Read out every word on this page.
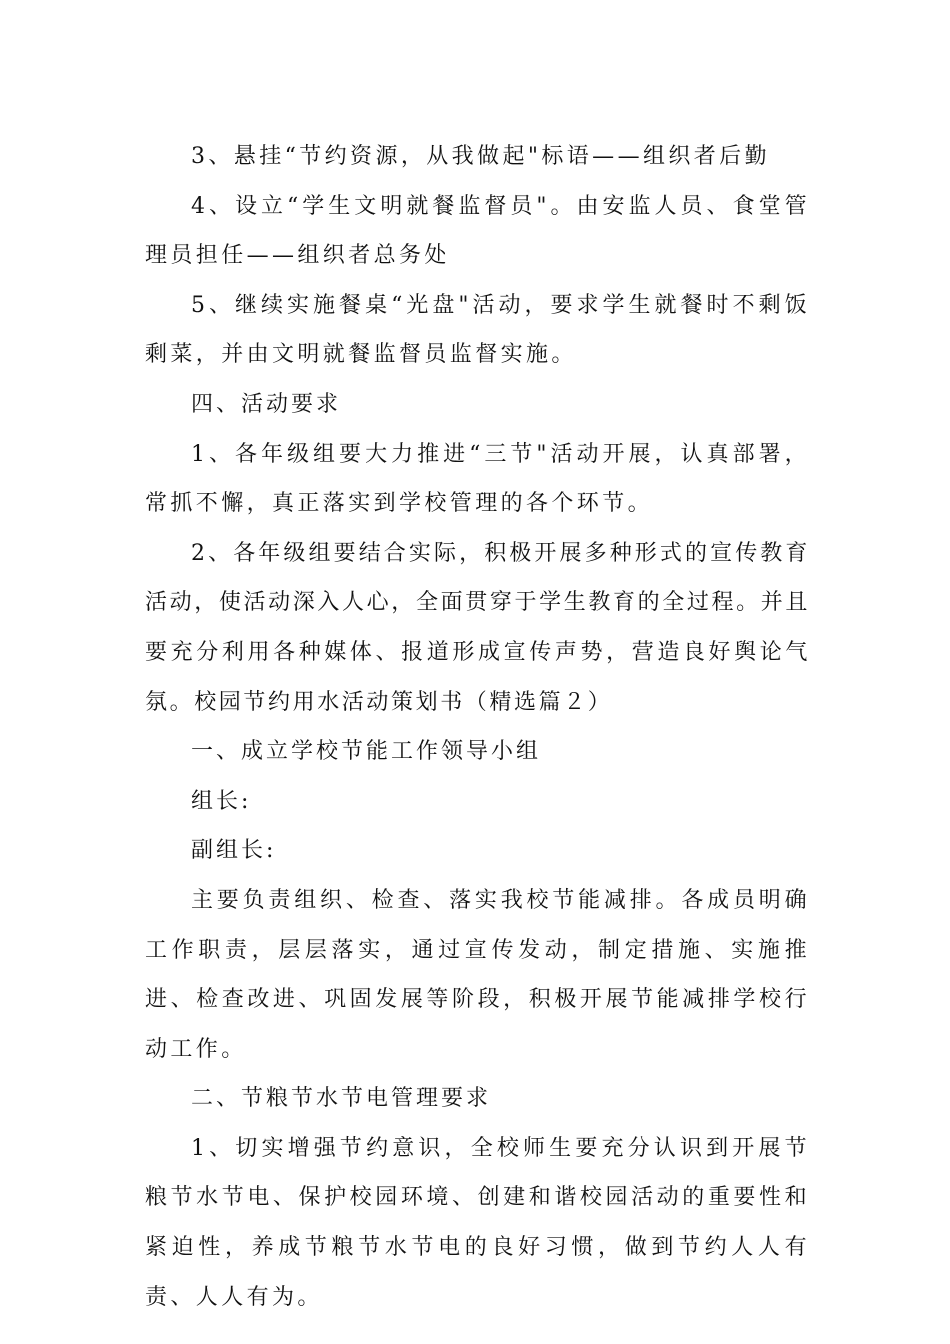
3、悬挂“节约资源，从我做起"标语——组织者后勤

4、设立“学生文明就餐监督员"。由安监人员、食堂管理员担任——组织者总务处

5、继续实施餐桌“光盘"活动，要求学生就餐时不剩饭剩菜，并由文明就餐监督员监督实施。

四、活动要求

1、各年级组要大力推进“三节"活动开展，认真部署，常抓不懈，真正落实到学校管理的各个环节。

2、各年级组要结合实际，积极开展多种形式的宣传教育活动，使活动深入人心，全面贯穿于学生教育的全过程。并且要充分利用各种媒体、报道形成宣传声势，营造良好舆论气氛。校园节约用水活动策划书（精选篇２）

一、成立学校节能工作领导小组

组长:

副组长:

主要负责组织、检查、落实我校节能减排。各成员明确工作职责，层层落实，通过宣传发动，制定措施、实施推进、检查改进、巩固发展等阶段，积极开展节能减排学校行动工作。

二、节粮节水节电管理要求

1、切实增强节约意识，全校师生要充分认识到开展节粮节水节电、保护校园环境、创建和谐校园活动的重要性和紧迫性，养成节粮节水节电的良好习惯，做到节约人人有责、人人有为。
